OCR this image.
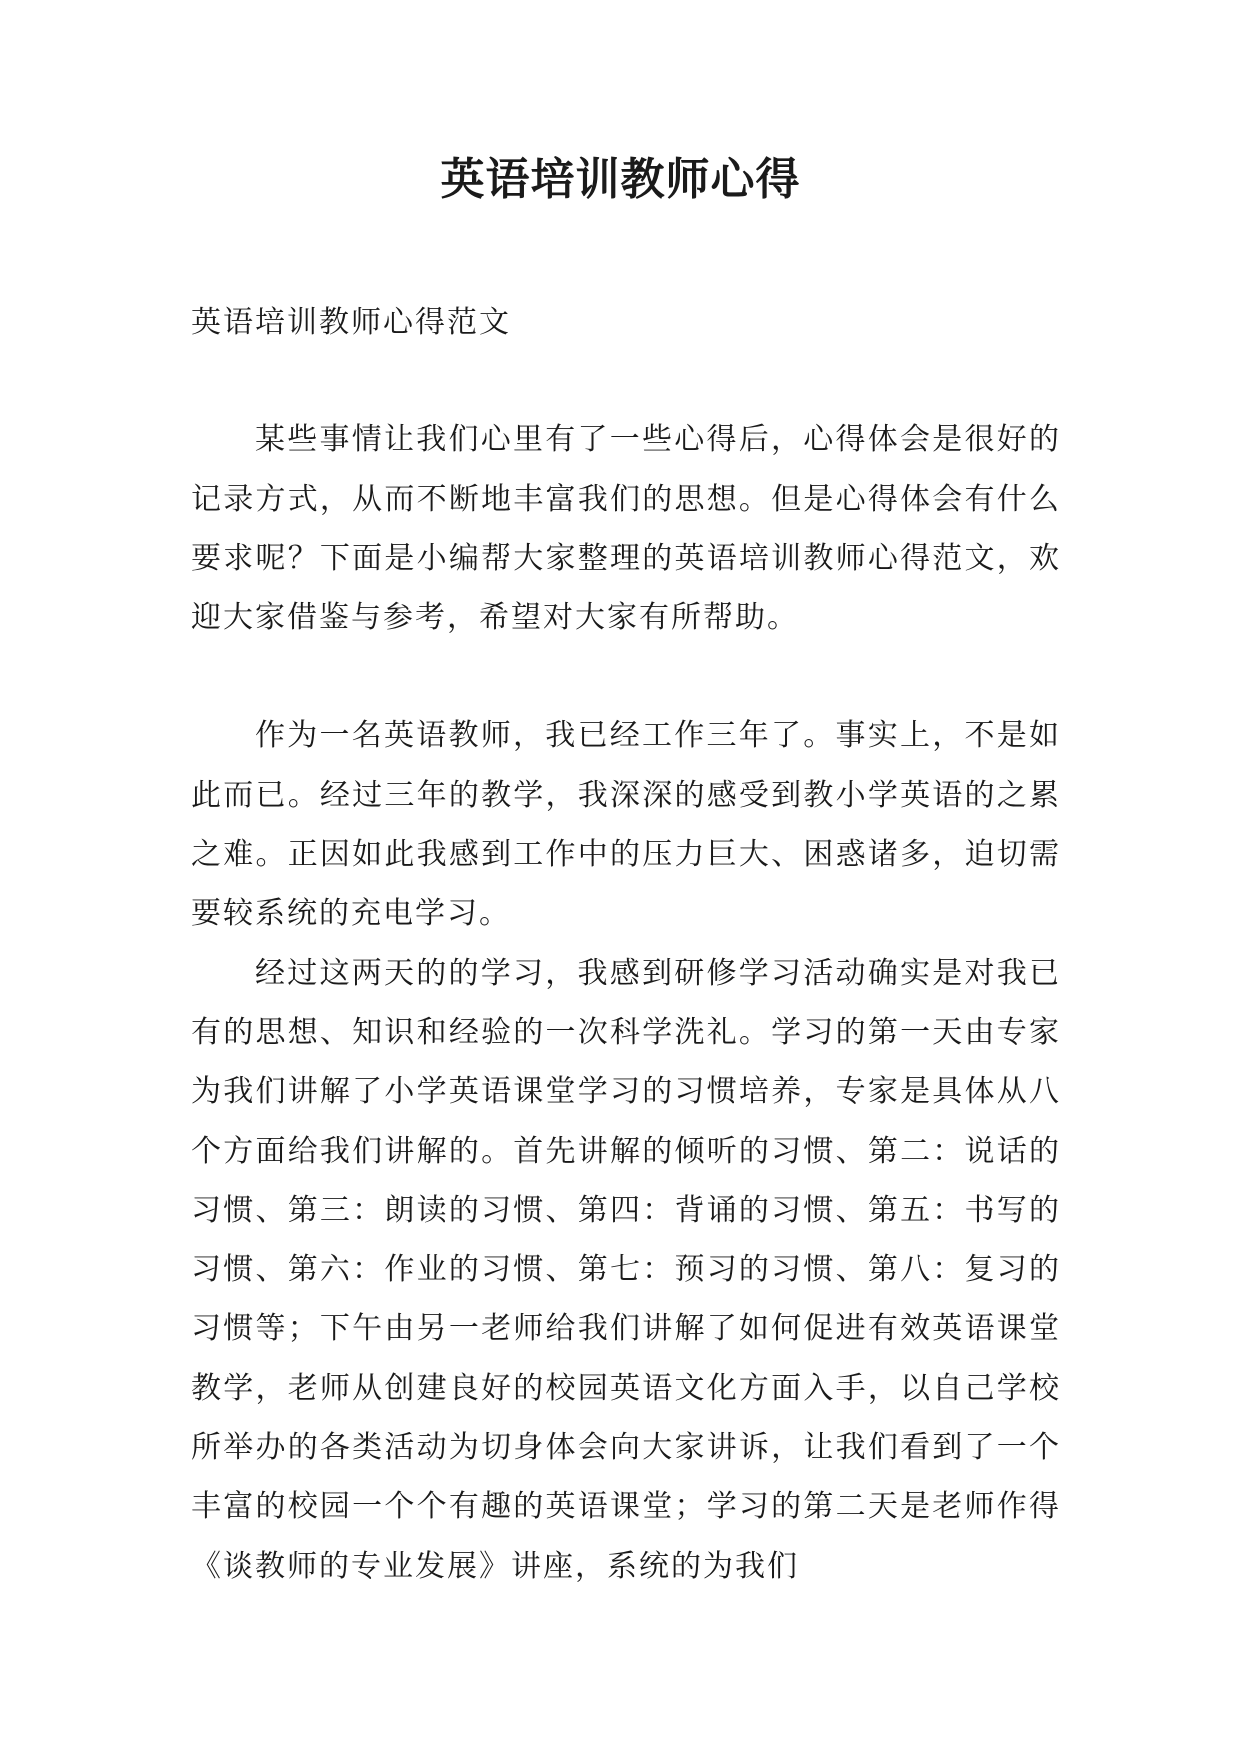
英语培训教师心得

英语培训教师心得范文

某些事情让我们心里有了一些心得后，心得体会是很好的记录方式，从而不断地丰富我们的思想。但是心得体会有什么要求呢？下面是小编帮大家整理的英语培训教师心得范文，欢迎大家借鉴与参考，希望对大家有所帮助。

作为一名英语教师，我已经工作三年了。事实上，不是如此而已。经过三年的教学，我深深的感受到教小学英语的之累之难。正因如此我感到工作中的压力巨大、困惑诸多，迫切需要较系统的充电学习。

经过这两天的的学习，我感到研修学习活动确实是对我已有的思想、知识和经验的一次科学洗礼。学习的第一天由专家为我们讲解了小学英语课堂学习的习惯培养，专家是具体从八个方面给我们讲解的。首先讲解的倾听的习惯、第二：说话的习惯、第三：朗读的习惯、第四：背诵的习惯、第五：书写的习惯、第六：作业的习惯、第七：预习的习惯、第八：复习的习惯等；下午由另一老师给我们讲解了如何促进有效英语课堂教学，老师从创建良好的校园英语文化方面入手，以自己学校所举办的各类活动为切身体会向大家讲诉，让我们看到了一个丰富的校园一个个有趣的英语课堂；学习的第二天是老师作得《谈教师的专业发展》讲座，系统的为我们
